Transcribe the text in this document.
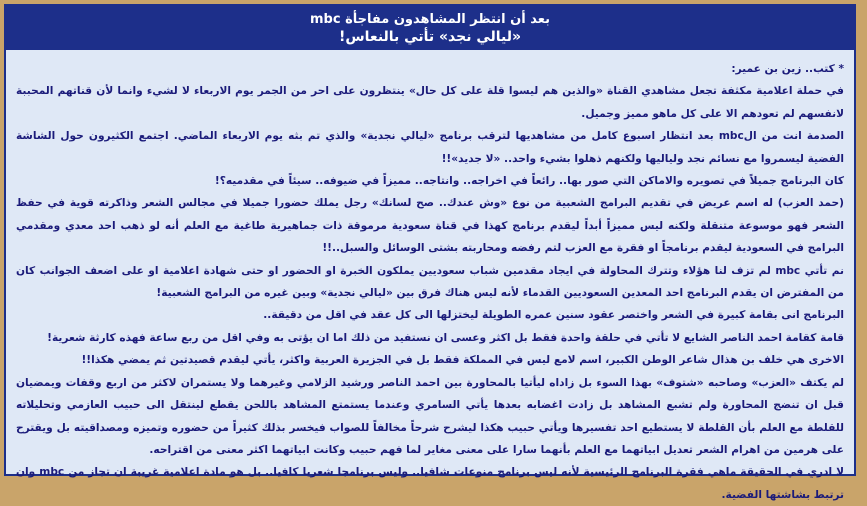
بعد أن انتظر المشاهدون مفاجأة mbc
«ليالي نجد» تأتي بالنعاس!

* كتب.. زين بن عمير:

في حملة اعلامية مكثفة تجعل مشاهدي القناة «والذين هم ليسوا قلة على كل حال» ينتظرون على احر من الجمر يوم الاربعاء لا لشيء وانما لأن قناتهم المحببة لانفسهم لم تعودهم الا على كل ماهو مميز وجميل.

الصدمة انت من الmbc بعد انتظار اسبوع كامل من مشاهديها لترقب برنامج «ليالي نجدية» والذي تم بثه يوم الاربعاء الماضي. اجتمع الكثيرون حول الشاشة الفضية ليسمروا مع نسائم نجد ولياليها ولكنهم ذهلوا بشيء واحد.. «لا جديد»!!

كان البرنامج جميلاً في تصويره والاماكن التي صور بها.. رائعاً في اخراجه.. وانتاجه.. مميزاً في ضيوفه.. سيئاً في مقدميه؟!

(حمد العزب) له اسم عريض في تقديم البرامج الشعبية من نوع «وش عندك.. صح لسانك» رجل يملك حضورا جميلا في مجالس الشعر وذاكرته قوية في حفظ الشعر فهو موسوعة متنقلة ولكنه ليس مميزاً أبداً ليقدم برنامج كهذا في قناة سعودية مرموقة ذات جماهيرية طاغية مع العلم أنه لو ذهب احد معدي ومقدمي البرامج في السعودية ليقدم برنامجاً او فقرة مع العزب لتم رفضه ومحاربته بشتى الوسائل والسبل..!!

نم تأتي mbc لم تزف لنا هؤلاء وتترك المحاولة في ايجاد مقدمين شباب سعوديين يملكون الخبرة او الحضور او حتى شهادة اعلامية او على اضعف الجوانب كان من المفترض ان يقدم البرنامج احد المعدين السعوديين القدماء لأنه ليس هناك فرق بين «ليالي نجدية» وبين غيره من البرامج الشعبية!

البرنامج انى بقامة كبيرة في الشعر واختصر عقود سنين عمره الطويلة ليختزلها الى كل عقد في اقل من دقيقة..

قامة كقامة احمد الناصر الشايع لا تأتي في حلقة واحدة فقط بل اكثر وعسى ان نستفيد من ذلك اما ان يؤتى به وفي اقل من ربع ساعة فهذه كارثة شعرية!

الاخرى هي خلف بن هذال شاعر الوطن الكبير، اسم لامع ليس في المملكة فقط بل في الجزيرة العربية واكثر، يأتي ليقدم قصيدتين ثم يمضي هكذا!!

لم يكتف «العزب» وصاحبه «شتوف» بهذا السوء بل زاداه ليأتيا بالمحاورة بين احمد الناصر ورشيد الزلامي وغيرهما ولا يستمران لاكثر من اربع وقفات ويمضيان قبل ان تنضج المحاورة ولم تشبع المشاهد بل زادت اغضابه بعدها يأتي السامري وعندما يستمتع المشاهد باللحن يقطع لينتقل الى حبيب العازمي وتحليلاته للقلطة مع العلم بأن القلطة لا يستطيع احد تفسيرها ويأتي حبيب هكذا ليشرح شرحاً مخالفاً للصواب فيخسر بذلك كثيراً من حضوره وتميزه ومصداقيته بل ويقترح على هرمين من اهرام الشعر تعديل ابياتهما مع العلم بأنهما سارا على معنى مغاير لما فهم حبيب وكانت ابياتهما اكثر معنى من اقتراحه.

لا ادري في الحقيقة ماهي فقرة البرنامج الرئيسية لأنه ليس برنامج منوعات شافيا.. وليس برنامجا شعريا كافيا.. بل هو مادة اعلامية غريبة ان تجاز من mbc وان ترتبط بشاشتها الفضية.
